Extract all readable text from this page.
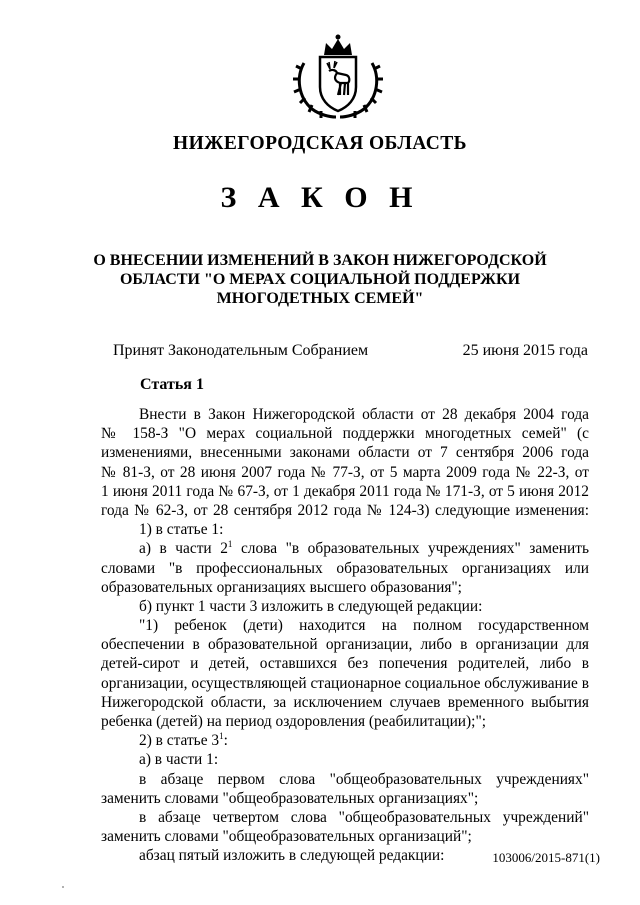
НИЖЕГОРОДСКАЯ ОБЛАСТЬ
З А К О Н
О ВНЕСЕНИИ ИЗМЕНЕНИЙ В ЗАКОН НИЖЕГОРОДСКОЙ
ОБЛАСТИ "О МЕРАХ СОЦИАЛЬНОЙ ПОДДЕРЖКИ
МНОГОДЕТНЫХ СЕМЕЙ"
Принят Законодательным Собранием	25 июня 2015 года
Статья 1
Внести в Закон Нижегородской области от 28 декабря 2004 года
№ 158-З "О мерах социальной поддержки многодетных семей" (с
изменениями, внесенными законами области от 7 сентября 2006 года
№ 81-З, от 28 июня 2007 года № 77-З, от 5 марта 2009 года № 22-З, от
1 июня 2011 года № 67-З, от 1 декабря 2011 года № 171-З, от 5 июня 2012
года № 62-З, от 28 сентября 2012 года № 124-З) следующие изменения:
1) в статье 1:
а) в части $2^1$ слова "в образовательных учреждениях" заменить
словами "в профессиональных образовательных организациях или
образовательных организациях высшего образования";
б) пункт 1 части 3 изложить в следующей редакции:
"1) ребенок (дети) находится на полном государственном
обеспечении в образовательной организации, либо в организации для
детей-сирот и детей, оставшихся без попечения родителей, либо в
организации, осуществляющей стационарное социальное обслуживание в
Нижегородской области, за исключением случаев временного выбытия
ребенка (детей) на период оздоровления (реабилитации);";
2) в статье $3^1$:
а) в части 1:
в абзаце первом слова "общеобразовательных учреждениях"
заменить словами "общеобразовательных организациях";
в абзаце четвертом слова "общеобразовательных учреждений"
заменить словами "общеобразовательных организаций";
абзац пятый изложить в следующей редакции:	103006/2015-871(1)
